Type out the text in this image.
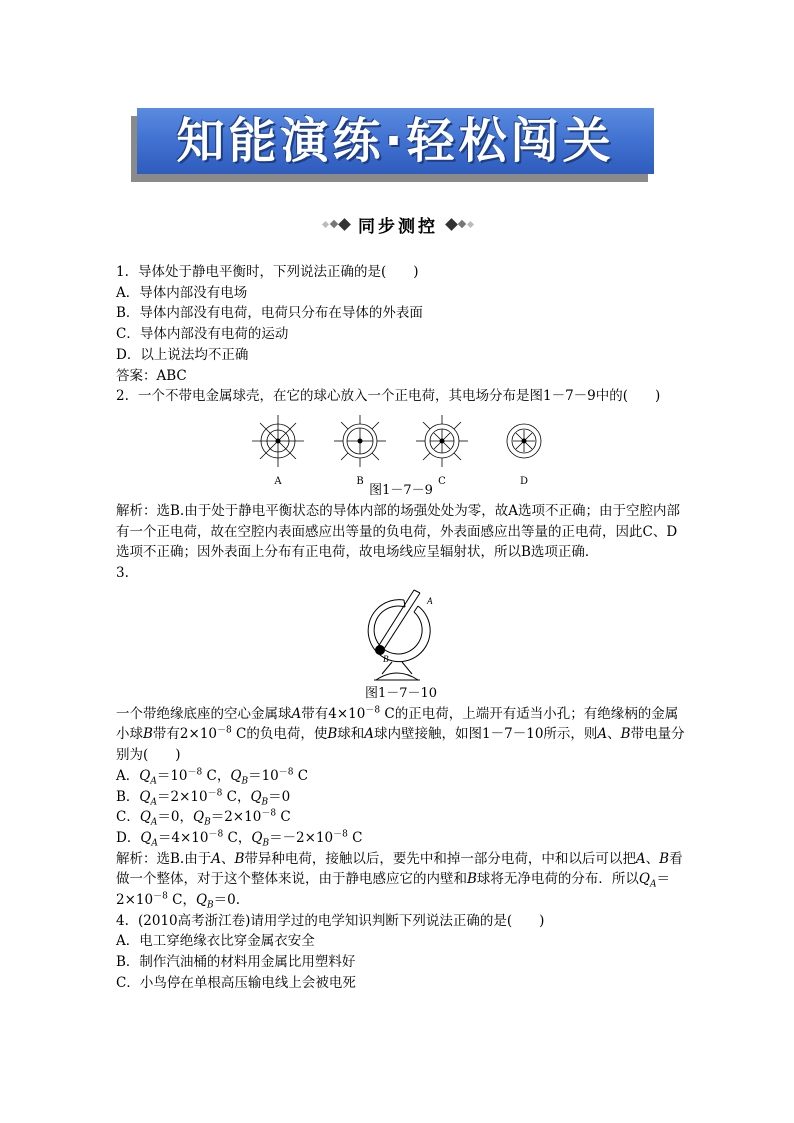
知能演练·轻松闯关
同步测控
1. 导体处于静电平衡时，下列说法正确的是(　　)
A．导体内部没有电场
B．导体内部没有电荷，电荷只分布在导体的外表面
C．导体内部没有电荷的运动
D．以上说法均不正确
答案：ABC
2. 一个不带电金属球壳，在它的球心放入一个正电荷，其电场分布是图1－7－9中的(　　)
A	B	C	D
图1－7－9
解析：选B.由于处于静电平衡状态的导体内部的场强处处为零，故A选项不正确；由于空腔内部有一个正电荷，故在空腔内表面感应出等量的负电荷，外表面感应出等量的正电荷，因此C、D选项不正确；因外表面上分布有正电荷，故电场线应呈辐射状，所以B选项正确．
3.
A
B
图1－7－10
一个带绝缘底座的空心金属球A带有$4\times 10^{-8}$ C的正电荷，上端开有适当小孔；有绝缘柄的金属小球B带有$2\times 10^{-8}$ C的负电荷，使B球和A球内壁接触，如图1－7－10所示，则A、B带电量分别为(　　)
A．$Q_A=10^{-8}$ C，$Q_B=10^{-8}$ C
B．$Q_A=2\times 10^{-8}$ C，$Q_B=0$
C．$Q_A=0$，$Q_B=2\times 10^{-8}$ C
D．$Q_A=4\times 10^{-8}$ C，$Q_B=-2\times 10^{-8}$ C
解析：选B.由于A、B带异种电荷，接触以后，要先中和掉一部分电荷，中和以后可以把A、B看做一个整体，对于这个整体来说，由于静电感应它的内壁和B球将无净电荷的分布．所以$Q_A=2\times 10^{-8}$ C，$Q_B=0$.
4. (2010高考浙江卷)请用学过的电学知识判断下列说法正确的是(　　)
A．电工穿绝缘衣比穿金属衣安全
B．制作汽油桶的材料用金属比用塑料好
C．小鸟停在单根高压输电线上会被电死
